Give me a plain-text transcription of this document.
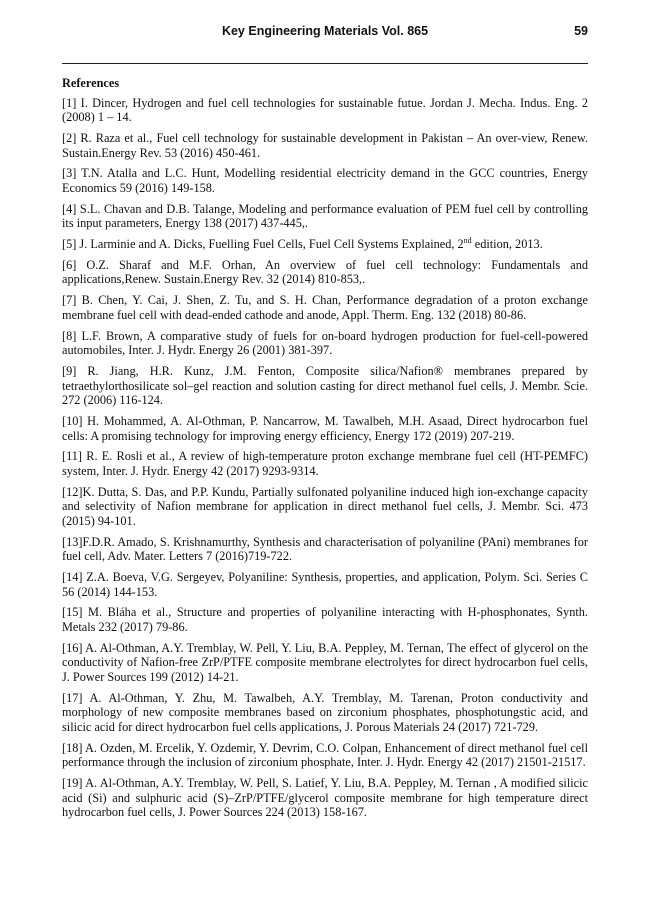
Key Engineering Materials Vol. 865	59

References

[1] I. Dincer, Hydrogen and fuel cell technologies for sustainable futue. Jordan J. Mecha. Indus. Eng. 2 (2008) 1 – 14.

[2] R. Raza et al., Fuel cell technology for sustainable development in Pakistan – An over-view, Renew. Sustain.Energy Rev. 53 (2016) 450-461.

[3] T.N. Atalla and L.C. Hunt, Modelling residential electricity demand in the GCC countries, Energy Economics 59 (2016) 149-158.

[4] S.L. Chavan and D.B. Talange, Modeling and performance evaluation of PEM fuel cell by controlling its input parameters, Energy 138 (2017) 437-445,.

[5] J. Larminie and A. Dicks, Fuelling Fuel Cells, Fuel Cell Systems Explained, 2nd edition, 2013.

[6] O.Z. Sharaf and M.F. Orhan, An overview of fuel cell technology: Fundamentals and applications,Renew. Sustain.Energy Rev. 32 (2014) 810-853,.

[7] B. Chen, Y. Cai, J. Shen, Z. Tu, and S. H. Chan, Performance degradation of a proton exchange membrane fuel cell with dead-ended cathode and anode, Appl. Therm. Eng. 132 (2018) 80-86.

[8] L.F. Brown, A comparative study of fuels for on-board hydrogen production for fuel-cell-powered automobiles, Inter. J. Hydr. Energy 26 (2001) 381-397.

[9] R. Jiang, H.R. Kunz, J.M. Fenton, Composite silica/Nafion® membranes prepared by tetraethylorthosilicate sol–gel reaction and solution casting for direct methanol fuel cells, J. Membr. Scie. 272 (2006) 116-124.

[10] H. Mohammed, A. Al-Othman, P. Nancarrow, M. Tawalbeh, M.H. Asaad, Direct hydrocarbon fuel cells: A promising technology for improving energy efficiency, Energy 172 (2019) 207-219.

[11] R. E. Rosli et al., A review of high-temperature proton exchange membrane fuel cell (HT-PEMFC) system, Inter. J. Hydr. Energy 42 (2017) 9293-9314.

[12]K. Dutta, S. Das, and P.P. Kundu, Partially sulfonated polyaniline induced high ion-exchange capacity and selectivity of Nafion membrane for application in direct methanol fuel cells, J. Membr. Sci. 473 (2015) 94-101.

[13]F.D.R. Amado, S. Krishnamurthy, Synthesis and characterisation of polyaniline (PAni) membranes for fuel cell, Adv. Mater. Letters 7 (2016)719-722.

[14] Z.A. Boeva, V.G. Sergeyev, Polyaniline: Synthesis, properties, and application, Polym. Sci. Series C 56 (2014) 144-153.

[15] M. Bláha et al., Structure and properties of polyaniline interacting with H-phosphonates, Synth. Metals 232 (2017) 79-86.

[16] A. Al-Othman, A.Y. Tremblay, W. Pell, Y. Liu, B.A. Peppley, M. Ternan, The effect of glycerol on the conductivity of Nafion-free ZrP/PTFE composite membrane electrolytes for direct hydrocarbon fuel cells, J. Power Sources 199 (2012) 14-21.

[17] A. Al-Othman, Y. Zhu, M. Tawalbeh, A.Y. Tremblay, M. Tarenan, Proton conductivity and morphology of new composite membranes based on zirconium phosphates, phosphotungstic acid, and silicic acid for direct hydrocarbon fuel cells applications, J. Porous Materials 24 (2017) 721-729.

[18] A. Ozden, M. Ercelik, Y. Ozdemir, Y. Devrim, C.O. Colpan, Enhancement of direct methanol fuel cell performance through the inclusion of zirconium phosphate, Inter. J. Hydr. Energy 42 (2017) 21501-21517.

[19] A. Al-Othman, A.Y. Tremblay, W. Pell, S. Latief, Y. Liu, B.A. Peppley, M. Ternan , A modified silicic acid (Si) and sulphuric acid (S)–ZrP/PTFE/glycerol composite membrane for high temperature direct hydrocarbon fuel cells, J. Power Sources 224 (2013) 158-167.
